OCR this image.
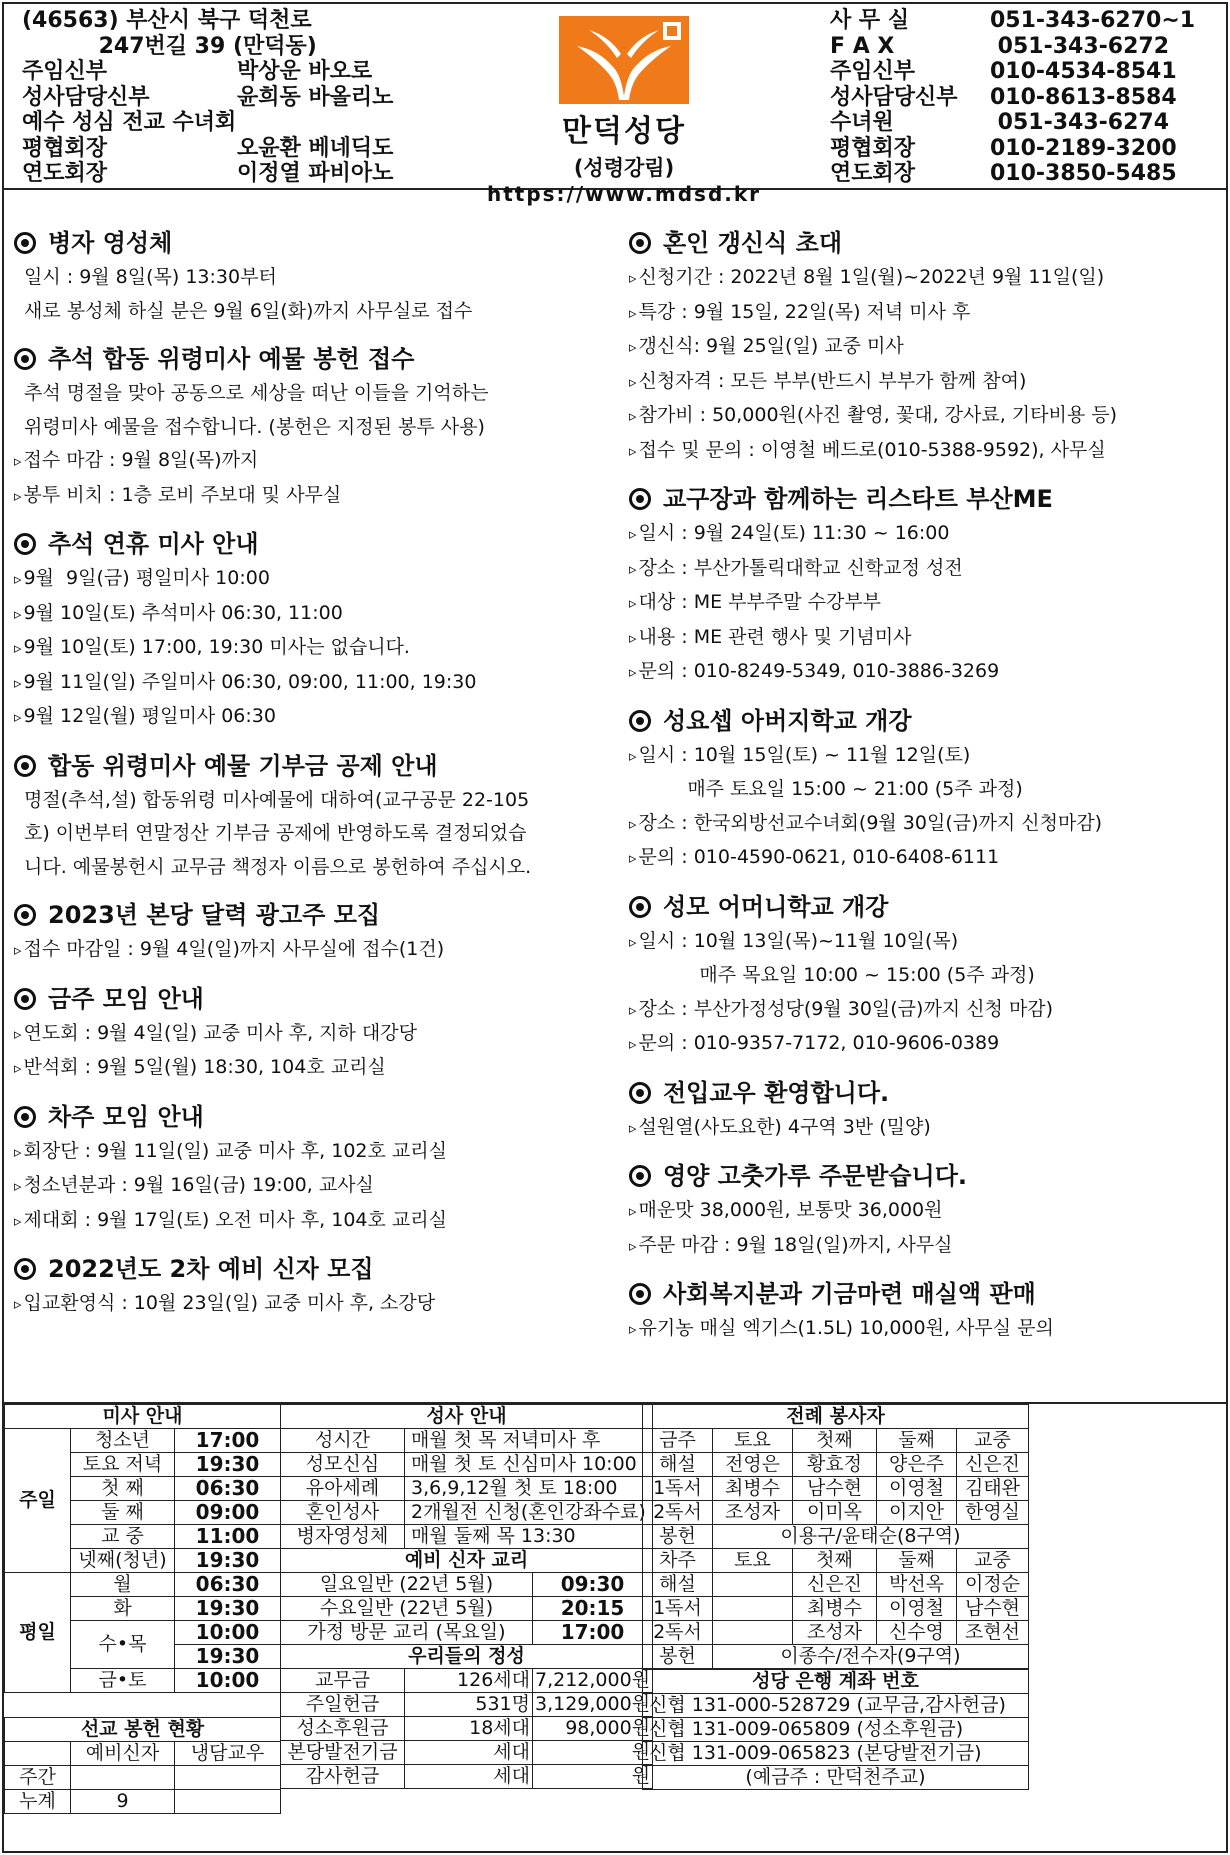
(46563) 부산시 북구 덕천로
247번길 39 (만덕동)
주임신부	박상운 바오로
성사담당신부	윤희동 바올리노
예수 성심 전교 수녀회
평협회장	오윤환 베네딕도
연도회장	이정열 파비아노
만덕성당
(성령강림)
https://www.mdsd.kr
사 무 실	051-343-6270~1
F A X	051-343-6272
주임신부	010-4534-8541
성사담당신부	010-8613-8584
수녀원	051-343-6274
평협회장	010-2189-3200
연도회장	010-3850-5485
병자 영성체
일시 : 9월 8일(목) 13:30부터
새로 봉성체 하실 분은 9월 6일(화)까지 사무실로 접수
추석 합동 위령미사 예물 봉헌 접수
추석 명절을 맞아 공동으로 세상을 떠난 이들을 기억하는
위령미사 예물을 접수합니다. (봉헌은 지정된 봉투 사용)
▹ 접수 마감 : 9월 8일(목)까지
▹ 봉투 비치 : 1층 로비 주보대 및 사무실
추석 연휴 미사 안내
▹ 9월  9일(금) 평일미사 10:00
▹ 9월 10일(토) 추석미사 06:30, 11:00
▹ 9월 10일(토) 17:00, 19:30 미사는 없습니다.
▹ 9월 11일(일) 주일미사 06:30, 09:00, 11:00, 19:30
▹ 9월 12일(월) 평일미사 06:30
합동 위령미사 예물 기부금 공제 안내
명절(추석,설) 합동위령 미사예물에 대하여(교구공문 22-105
호) 이번부터 연말정산 기부금 공제에 반영하도록 결정되었습
니다. 예물봉헌시 교무금 책정자 이름으로 봉헌하여 주십시오.
2023년 본당 달력 광고주 모집
▹ 접수 마감일 : 9월 4일(일)까지 사무실에 접수(1건)
금주 모임 안내
▹ 연도회 : 9월 4일(일) 교중 미사 후, 지하 대강당
▹ 반석회 : 9월 5일(월) 18:30, 104호 교리실
차주 모임 안내
▹ 회장단 : 9월 11일(일) 교중 미사 후, 102호 교리실
▹ 청소년분과 : 9월 16일(금) 19:00, 교사실
▹ 제대회 : 9월 17일(토) 오전 미사 후, 104호 교리실
2022년도 2차 예비 신자 모집
▹ 입교환영식 : 10월 23일(일) 교중 미사 후, 소강당
혼인 갱신식 초대
▹ 신청기간 : 2022년 8월 1일(월)~2022년 9월 11일(일)
▹ 특강 : 9월 15일, 22일(목) 저녁 미사 후
▹ 갱신식: 9월 25일(일) 교중 미사
▹ 신청자격 : 모든 부부(반드시 부부가 함께 참여)
▹ 참가비 : 50,000원(사진 촬영, 꽃대, 강사료, 기타비용 등)
▹ 접수 및 문의 : 이영철 베드로(010-5388-9592), 사무실
교구장과 함께하는 리스타트 부산ME
▹ 일시 : 9월 24일(토) 11:30 ~ 16:00
▹ 장소 : 부산가톨릭대학교 신학교정 성전
▹ 대상 : ME 부부주말 수강부부
▹ 내용 : ME 관련 행사 및 기념미사
▹ 문의 : 010-8249-5349, 010-3886-3269
성요셉 아버지학교 개강
▹ 일시 : 10월 15일(토) ~ 11월 12일(토)
매주 토요일 15:00 ~ 21:00 (5주 과정)
▹ 장소 : 한국외방선교수녀회(9월 30일(금)까지 신청마감)
▹ 문의 : 010-4590-0621, 010-6408-6111
성모 어머니학교 개강
▹ 일시 : 10월 13일(목)~11월 10일(목)
매주 목요일 10:00 ~ 15:00 (5주 과정)
▹ 장소 : 부산가정성당(9월 30일(금)까지 신청 마감)
▹ 문의 : 010-9357-7172, 010-9606-0389
전입교우 환영합니다.
▹ 설원열(사도요한) 4구역 3반 (밀양)
영양 고춧가루 주문받습니다.
▹ 매운맛 38,000원, 보통맛 36,000원
▹ 주문 마감 : 9월 18일(일)까지, 사무실
사회복지분과 기금마련 매실액 판매
▹ 유기농 매실 엑기스(1.5L) 10,000원, 사무실 문의
미사 안내		
주일	청소년	17:00
	토요 저녁	19:30
	첫 째	06:30
	둘 째	09:00
	교 중	11:00
	넷째(청년)	19:30
평일	월	06:30
	화	19:30
	수•목	10:00
		19:30
	금•토	10:00
성사 안내		
성시간	매월 첫 목 저녁미사 후	
성모신심	매월 첫 토 신심미사 10:00	
유아세례	3,6,9,12월 첫 토 18:00	
혼인성사	2개월전 신청(혼인강좌수료)	
병자영성체	매월 둘째 목 13:30	
예비 신자 교리		
일요일반 (22년 5월)		09:30
수요일반 (22년 5월)		20:15
가정 방문 교리 (목요일)		17:00
우리들의 정성		
교무금	126세대	7,212,000원
주일헌금	531명	3,129,000원
성소후원금	18세대	98,000원
본당발전기금	세대	원
감사헌금	세대	원
전례 봉사자				
금주	토요	첫째	둘째	교중
해설	전영은	황효정	양은주	신은진
1독서	최병수	남수현	이영철	김태완
2독서	조성자	이미옥	이지안	한영실
봉헌	이용구/윤태순(8구역)			
차주	토요	첫째	둘째	교중
해설		신은진	박선옥	이정순
1독서		최병수	이영철	남수현
2독서		조성자	신수영	조현선
봉헌	이종수/전수자(9구역)			
선교 봉헌 현황		
	예비신자	냉담교우
주간		
누계	9	
성당 은행 계좌 번호
신협 131-000-528729 (교무금,감사헌금)
신협 131-009-065809 (성소후원금)
신협 131-009-065823 (본당발전기금)
(예금주 : 만덕천주교)
